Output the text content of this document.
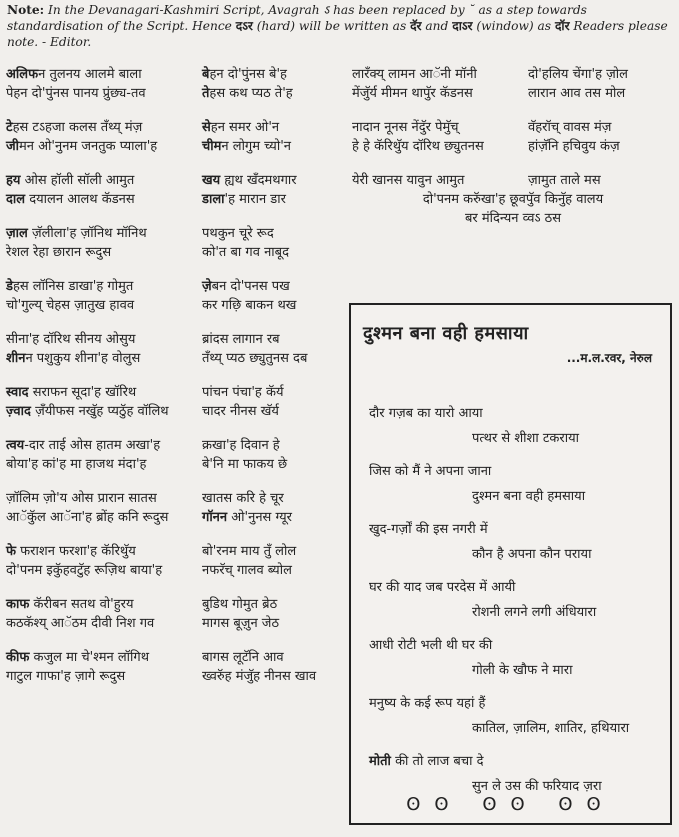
Note: In the Devanagari-Kashmiri Script, Avagrah ऽ has been replaced by ˘ as a step towards standardisation of the Script. Hence दऽर (hard) will be written as दॅर and दाऽर (window) as दॉर Readers please note. - Editor.
अलिफन तुलनय आलमे बाला	बेहन दो'पुंनस बे'ह
पेहन दो'पुंनस पानय प्रुंछ्य-तव	तेहस कथ प्यठ ते'ह
टेहस टऽहजा कलस तॅंथ्य् मंज़	सेहन समर ओ'न
जीमन ओ'नुनम जनतुक प्याला'ह	चीमन लोगुम च्यो'न
हय ओस हॉली सॉली आमुत	खय ह्यथ खॅंदमथगार
दाल दयालन आलथ कॅडनस	डाला'ह मारान डार
ज़ाल ज़ॅलीला'ह ज़ॉनिथ मॉनिथ	पथकुन चूरे रूद
रेशल रेहा छारान रूदुस	को'त बा गव नाबूद
डेहस लॉनिस डाखा'ह गोमुत	ज़ेबन दो'पनस पख
चो'गुल्य् चेहस ज़ातुख हावव	कर गछ़ि बाकन थख
सीना'ह दॉरिथ सीनय ओसुय	ब्रांदस लागान रब
शीनन पशुकुय शीना'ह वोलुस	तॅंथ्य् प्यठ छ्युतुनस दब
स्वाद सराफन सूदा'ह खॉरिथ	पांचन पंचा'ह कॅर्य
ज़्वाद ज़ॅंयीफस नखुॅह प्यठुॅह वॉलिथ	चादर नीनस खॅर्य
त्वय-दार ताई ओस हातम अखा'ह	क्रखा'ह दिवान हे
बोया'ह कां'ह मा हाजथ मंदा'ह	बे'नि मा फाकय छे
ज़ॉलिम ज़ो'य ओस प्रारान सातस	खातस करि हे चूर
आॅकुॅल आॅना'ह ब्रोंह कनि रूदुस	गॉनन ओ'नुनस ग्यूर
फे फराशन फरशा'ह कॅरिथुॅय	बो'रनम माय तुॅं लोल
दो'पनम इकुॅहवटुॅह रूज़िथ बाया'ह	नफरॅच् गालव ब्योल
काफ कॅरीबन सतथ वो'हुरय	बुडिथ गोमुत ब्रेठ
कठकॅश्य् आॅठम दीवी निश गव	मागस बूज़ुन जेठ
कीफ कजुल मा चे'श्मन लॉगिथ	बागस लूटॅनि आव
गाटुल गाफा'ह ज़ागे रूदुस	ख्वरुॅह मंजुॅह नीनस खाव
लारॅंक्य् लामन आॅनी मॉनी	दो'हलिय चेंगा'ह ज़ोल
मेंजुॅर्य मीमन थापुॅर कॅडनस	लारान आव तस मोल
नादान नूनस नेंदुॅर पेमुॅच्	वॅहरॉच् वावस मंज़
हे हे कॅरिथुॅय दॉरिथ छ्युतनस	हांज़ॅनि हचिवुय कंज़
येरी खानस यावुन आमुत	ज़ामुत ताले मस
दो'पनम करुॅखा'ह छूवपुॅव किनुॅह वालय
बर मंदिन्यन व्वऽ ठस
दुश्मन बना वही हमसाया
...म.ल.रवर, नेरुल
दौर गज़ब का यारो आया
पत्थर से शीशा टकराया
जिस को मैं ने अपना जाना
दुश्मन बना वही हमसाया
खुद-गर्ज़ों की इस नगरी में
कौन है अपना कौन पराया
घर की याद जब परदेस में आयी
रोशनी लगने लगी अंधियारा
आधी रोटी भली थी घर की
गोली के खौफ ने मारा
मनुष्य के कई रूप यहां हैं
कातिल, ज़ालिम, शातिर, हथियारा
मोती की तो लाज बचा दे
सुन ले उस की फरियाद ज़रा
ʘʘ ʘʘ ʘʘ
